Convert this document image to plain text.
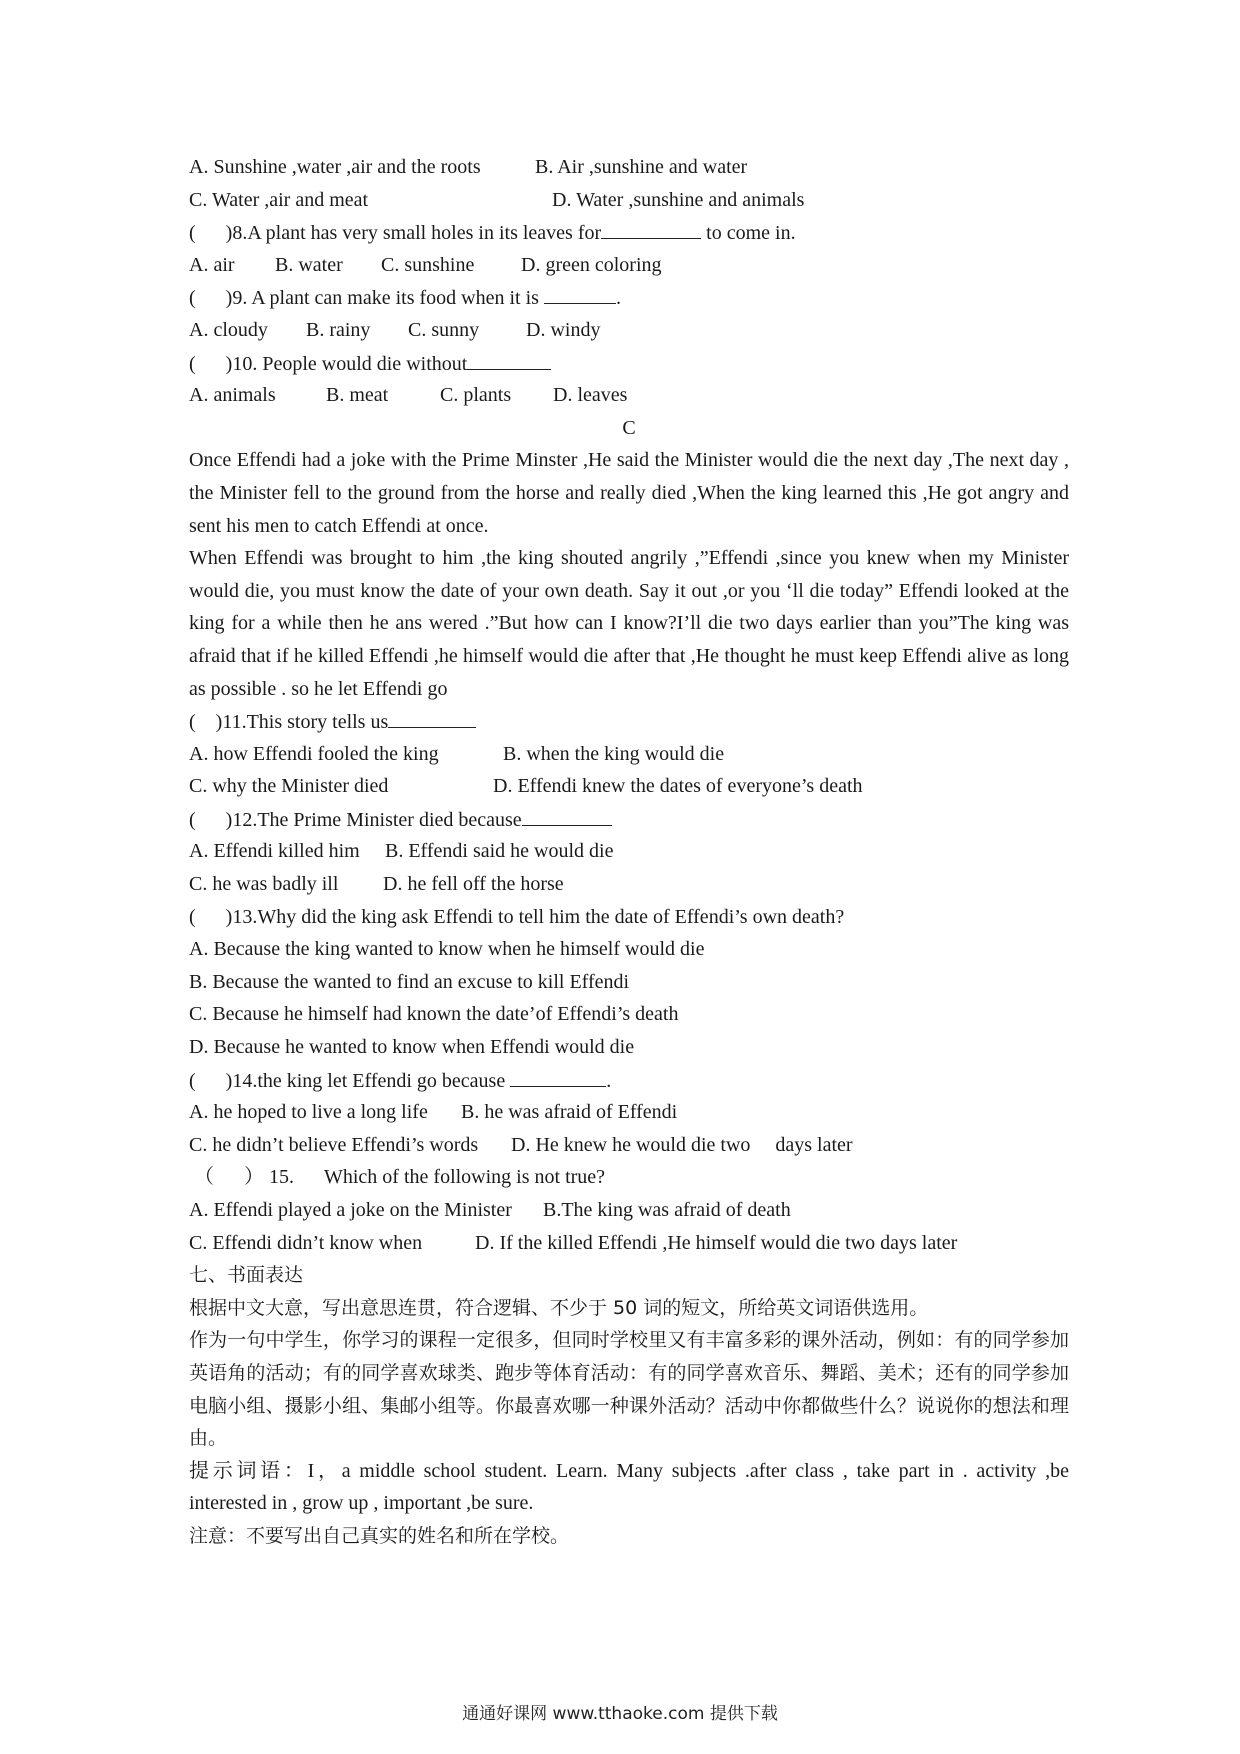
A. Sunshine ,water ,air and the roots

	B. Air ,sunshine and water

C. Water ,air and meat

	D. Water ,sunshine and animals

(      )8.A plant has very small holes in its leaves for	to come in.

A. air

B. water

C. sunshine

D. green coloring

(      )9. A plant can make its food when it is	.

A. cloudy

B. rainy

C. sunny

D. windy

(      )10. People would die without

A. animals

	B. meat

	C. plants

D. leaves

C
Once Effendi had a joke with the Prime Minster ,He said the Minister would die the next day ,The next day , the Minister fell to the ground from the horse and really died ,When the king learned this ,He got angry and sent his men to catch Effendi at once.
When Effendi was brought to him ,the king shouted angrily ,”Effendi ,since you knew when my Minister would die, you must know the date of your own death. Say it out ,or you ‘ll die today” Effendi looked at the king for a while then he ans wered .”But how can I know?I’ll die two days earlier than you”The king was afraid that if he killed Effendi ,he himself would die after that ,He thought he must keep Effendi alive as long as possible . so he let Effendi go
(    )11.This story tells us

A. how Effendi fooled the king

	B. when the king would die

C. why the Minister died

	D. Effendi knew the dates of everyone’s death

(      )12.The Prime Minister died because

A. Effendi killed him

B. Effendi said he would die

C. he was badly ill

D. he fell off the horse

(      )13.Why did the king ask Effendi to tell him the date of Effendi’s own death?
A. Because the king wanted to know when he himself would die
B. Because the wanted to find an excuse to kill Effendi
C. Because he himself had known the date’of Effendi’s death
D. Because he wanted to know when Effendi would die
(      )14.the king let Effendi go because	.

A. he hoped to live a long life

B. he was afraid of Effendi

C. he didn’t believe Effendi’s words

D. He knew he would die two     days later

（      ） 15.      Which of the following is not true?

A. Effendi played a joke on the Minister

B.The king was afraid of death

C. Effendi didn’t know when

	D. If the killed Effendi ,He himself would die two days later

七、书面表达
根据中文大意，写出意思连贯，符合逻辑、不少于 50 词的短文，所给英文词语供选用。
作为一句中学生，你学习的课程一定很多，但同时学校里又有丰富多彩的课外活动，例如：有的同学参加英语角的活动；有的同学喜欢球类、跑步等体育活动：有的同学喜欢音乐、舞蹈、美术；还有的同学参加电脑小组、摄影小组、集邮小组等。你最喜欢哪一种课外活动？活动中你都做些什么？说说你的想法和理由。
提示词语：I，a middle school student. Learn. Many subjects .after class , take part in . activity ,be interested in , grow up , important ,be sure.
注意：不要写出自己真实的姓名和所在学校。
通通好课网 www.tthaoke.com 提供下载
